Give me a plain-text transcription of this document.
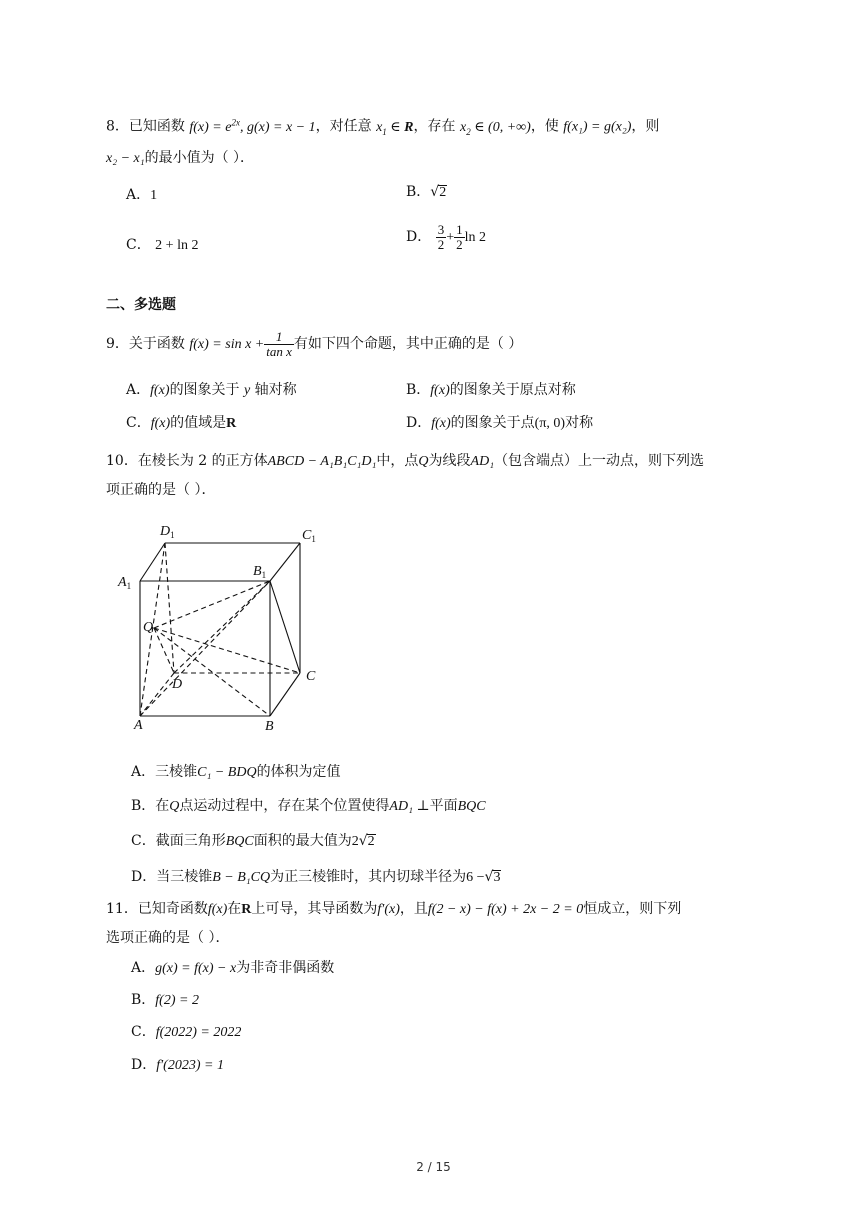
8．已知函数 $f(x) = e^{2x}$, g(x) = x − 1，对任意 $x_1$ ∈ R，存在 $x_2$ ∈ (0, +∞)，使 f(x₁) = g(x₂)，则
x₂ − x₁的最小值为（ ）．
A．1	B．√2
C． 2 + ln 2
D． $\frac{3}{2} + \frac{1}{2}$ ln 2
二、多选题
9．关于函数 $f(x) = \sin x + \frac{1}{\text{tan x}}$ 有如下四个命题，其中正确的是（ ）
A．f(x)的图象关于 y 轴对称	B．f(x)的图象关于原点对称
C．f(x)的值域是R	D．f(x)的图象关于点(π, 0)对称
10．在棱长为 2 的正方体ABCD − A₁B₁C₁D₁中，点Q为线段AD₁（包含端点）上一动点，则下列选
项正确的是（ ）．
$D_1$	$C_1$
$A_1$
$B_1$
Q
D
C
A	B
A．三棱锥C₁ − BDQ的体积为定值
B．在Q点运动过程中，存在某个位置使得AD₁ ⊥平面BQC
C．截面三角形BQC面积的最大值为2√2
D．当三棱锥B − B₁CQ为正三棱锥时，其内切球半径为6 −√3
11．已知奇函数f(x)在R上可导，其导函数为f′(x)，且f(2 − x) − f(x) + 2x − 2 = 0恒成立，则下列
选项正确的是（ ）．
A．g(x) = f(x) − x为非奇非偶函数
B．f(2) = 2
C．f(2022) = 2022
D．f′(2023) = 1
2 / 15
